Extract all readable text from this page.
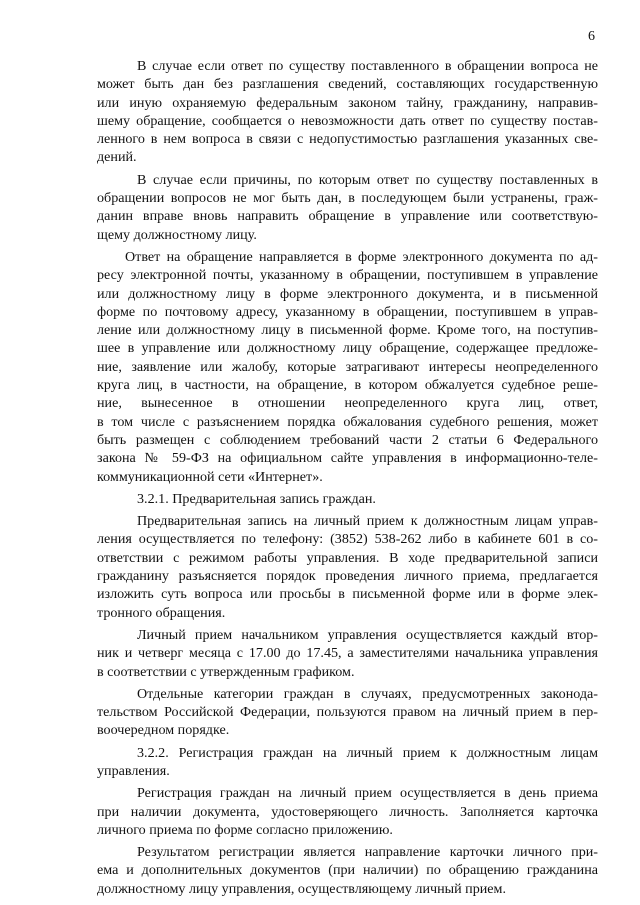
6
В случае если ответ по существу поставленного в обращении вопроса не
может быть дан без разглашения сведений, составляющих государственную
или иную охраняемую федеральным законом тайну, гражданину, направив-
шему обращение, сообщается о невозможности дать ответ по существу постав-
ленного в нем вопроса в связи с недопустимостью разглашения указанных све-
дений.
В случае если причины, по которым ответ по существу поставленных в
обращении вопросов не мог быть дан, в последующем были устранены, граж-
данин вправе вновь направить обращение в управление или соответствую-
щему должностному лицу.
Ответ на обращение направляется в форме электронного документа по ад-
ресу электронной почты, указанному в обращении, поступившем в управление
или должностному лицу в форме электронного документа, и в письменной
форме по почтовому адресу, указанному в обращении, поступившем в управ-
ление или должностному лицу в письменной форме. Кроме того, на поступив-
шее в управление или должностному лицу обращение, содержащее предложе-
ние, заявление или жалобу, которые затрагивают интересы неопределенного
круга лиц, в частности, на обращение, в котором обжалуется судебное реше-
ние, вынесенное в отношении неопределенного круга лиц, ответ,
в том числе с разъяснением порядка обжалования судебного решения, может
быть размещен с соблюдением требований части 2 статьи 6 Федерального
закона № 59-ФЗ на официальном сайте управления в информационно-теле-
коммуникационной сети «Интернет».
3.2.1. Предварительная запись граждан.
Предварительная запись на личный прием к должностным лицам управ-
ления осуществляется по телефону: (3852) 538-262 либо в кабинете 601 в со-
ответствии с режимом работы управления. В ходе предварительной записи
гражданину разъясняется порядок проведения личного приема, предлагается
изложить суть вопроса или просьбы в письменной форме или в форме элек-
тронного обращения.
Личный прием начальником управления осуществляется каждый втор-
ник и четверг месяца с 17.00 до 17.45, а заместителями начальника управления
в соответствии с утвержденным графиком.
Отдельные категории граждан в случаях, предусмотренных законода-
тельством Российской Федерации, пользуются правом на личный прием в пер-
воочередном порядке.
3.2.2. Регистрация граждан на личный прием к должностным лицам
управления.
Регистрация граждан на личный прием осуществляется в день приема
при наличии документа, удостоверяющего личность. Заполняется карточка
личного приема по форме согласно приложению.
Результатом регистрации является направление карточки личного при-
ема и дополнительных документов (при наличии) по обращению гражданина
должностному лицу управления, осуществляющему личный прием.
